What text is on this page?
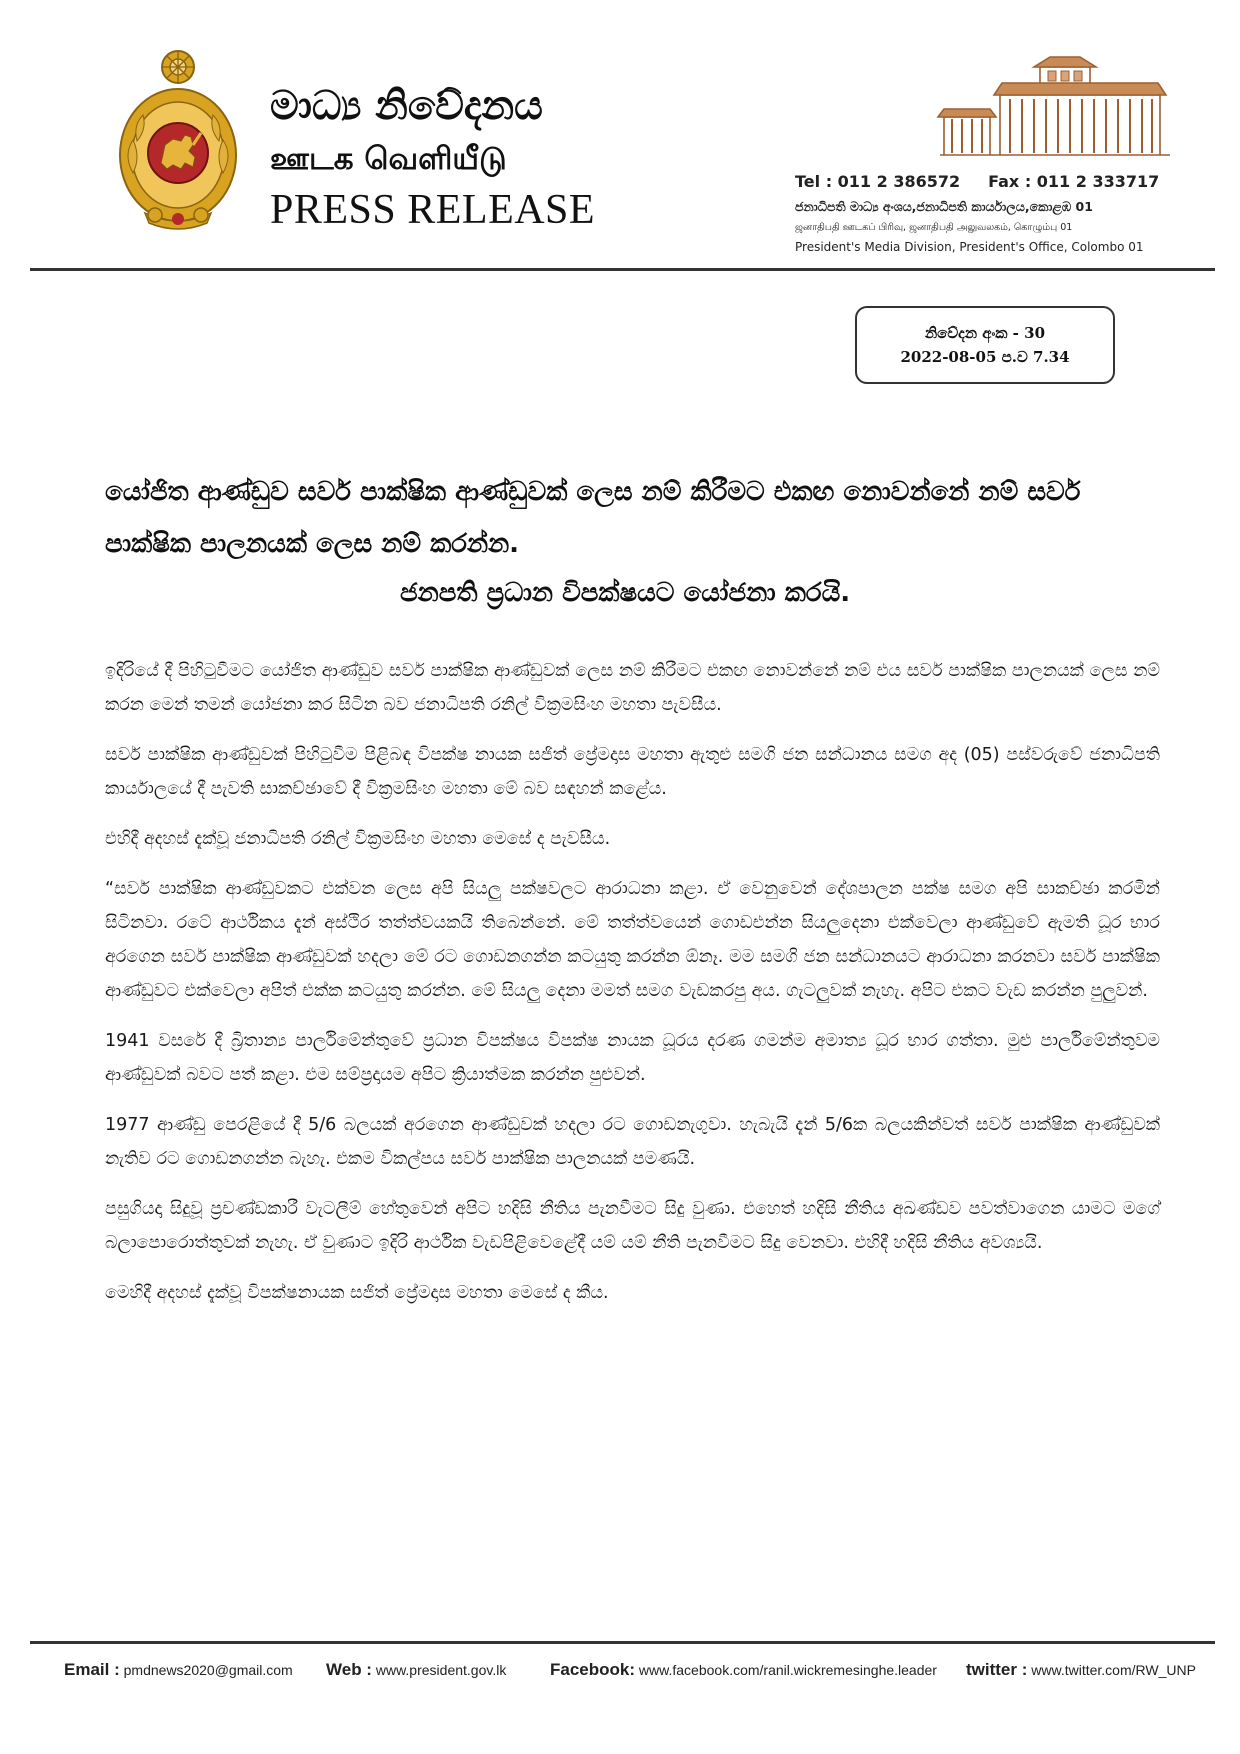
මාධ්‍ය නිවේදනය
ஊடக வெளியீடு
PRESS RELEASE
Tel : 011 2 386572 Fax : 011 2 333717
ජනාධිපති මාධ්‍ය අංශය,ජනාධිපති කාර්යාලය,කොළඹ 01
ஜனாதிபதி ஊடகப் பிரிவு, ஜனாதிபதி அலுவலகம், கொழும்பு 01
President's Media Division, President's Office, Colombo 01
නිවේදන අංක - 30
2022-08-05 ප.ව 7.34
යෝජිත ආණ්ඩුව සර්ව පාක්ෂික ආණ්ඩුවක් ලෙස නම් කිරීමට එකඟ නොවන්නේ නම් සර්ව පාක්ෂික පාලනයක් ලෙස නම් කරන්න.
ජනපති ප්‍රධාන විපක්ෂයට යෝජනා කරයි.

ඉදිරියේ දී පිහිටුවීමට යෝජිත ආණ්ඩුව සර්ව පාක්ෂික ආණ්ඩුවක් ලෙස නම් කිරීමට එකඟ නොවන්නේ නම් එය සර්ව පාක්ෂික පාලනයක් ලෙස නම් කරන මෙන් තමන් යෝජනා කර සිටින බව ජනාධිපති රනිල් වික්‍රමසිංහ මහතා පැවසීය.

සර්ව පාක්ෂික ආණ්ඩුවක් පිහිටුවීම පිළිබඳ විපක්ෂ නායක සජිත් ප්‍රේමදාස මහතා ඇතුළු සමගි ජන සන්ධානය සමග අද (05) පස්වරුවේ ජනාධිපති කාර්යාලයේ දී පැවති සාකච්ඡාවේ දී වික්‍රමසිංහ මහතා මේ බව සඳහන් කළේය.

එහිදී අදහස් දැක්වූ ජනාධිපති රනිල් වික්‍රමසිංහ මහතා මෙසේ ද පැවසීය.

“සර්ව පාක්ෂික ආණ්ඩුවකට එක්වන ලෙස අපි සියලු පක්ෂවලට ආරාධනා කළා. ඒ වෙනුවෙන් දේශපාලන පක්ෂ සමග අපි සාකච්ඡා කරමින් සිටිනවා. රටේ ආර්ථිකය දැන් අස්ථිර තත්ත්වයකයි තිබෙන්නේ. මේ තත්ත්වයෙන් ගොඩඑන්න සියලුදෙනා එක්වෙලා ආණ්ඩුවේ ඇමති ධූර භාර අරගෙන සර්ව පාක්ෂික ආණ්ඩුවක් හදලා මේ රට ගොඩනගන්න කටයුතු කරන්න ඕනෑ. මම සමගි ජන සන්ධානයට ආරාධනා කරනවා සර්ව පාක්ෂික ආණ්ඩුවට එක්වෙලා අපිත් එක්ක කටයුතු කරන්න. මේ සියලු දෙනා මමත් සමග වැඩකරපු අය. ගැටලුවක් නැහැ. අපිට එකට වැඩ කරන්න පුලුවන්.

1941 වසරේ දී බ්‍රිතාන්‍ය පාර්ලිමේන්තුවේ ප්‍රධාන විපක්ෂය විපක්ෂ නායක ධූරය දරණ ගමන්ම අමාත්‍ය ධූර භාර ගත්තා. මුළු පාර්ලිමේන්තුවම ආණ්ඩුවක් බවට පත් කළා. එම සම්ප්‍රදායම අපිට ක්‍රියාත්මක කරන්න පුළුවන්.

1977 ආණ්ඩු පෙරළියේ දී 5/6 බලයක් අරගෙන ආණ්ඩුවක් හදලා රට ගොඩනැගුවා. හැබැයි දැන් 5/6ක බලයකින්වත් සර්ව පාක්ෂික ආණ්ඩුවක් නැතිව රට ගොඩනගන්න බැහැ. එකම විකල්පය සර්ව පාක්ෂික පාලනයක් පමණයි.

පසුගියදා සිදුවූ ප්‍රචණ්ඩකාරී වැටලීම් හේතුවෙන් අපිට හදිසි නීතිය පැනවීමට සිදු වුණා. එහෙත් හදිසි නීතිය අඛණ්ඩව පවත්වාගෙන යාමට මගේ බලාපොරොත්තුවක් නැහැ. ඒ වුණාට ඉදිරි ආර්ථික වැඩපිළිවෙළේදී යම් යම් නීති පැනවීමට සිදු වෙනවා. එහිදී හදිසි නීතිය අවශ්‍යයි.

මෙහිදී අදහස් දැක්වූ විපක්ෂනායක සජිත් ප්‍රේමදාස මහතා මෙසේ ද කීය.

Email : pmdnews2020@gmail.com Web : www.president.gov.lk	Facebook: www.facebook.com/ranil.wickremesinghe.leader twitter : www.twitter.com/RW_UNP
